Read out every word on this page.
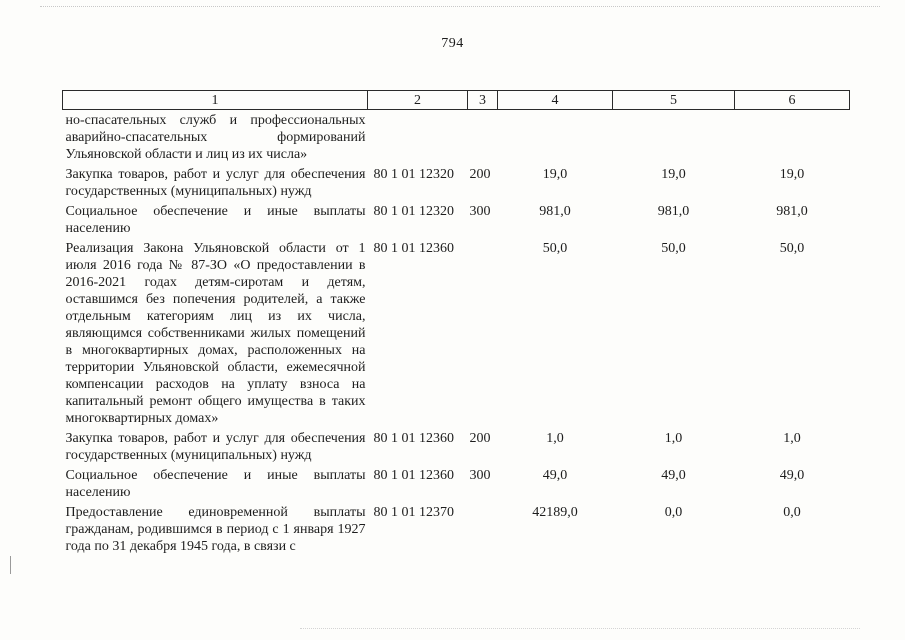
794
1	2	3	4	5	6
но-спасательных служб и профессиональных аварийно-спасательных формирований Ульяновской области и лиц из их числа»					
Закупка товаров, работ и услуг для обеспечения государственных (муниципальных) нужд	80 1 01 12320	200	19,0	19,0	19,0
Социальное обеспечение и иные выплаты населению	80 1 01 12320	300	981,0	981,0	981,0
Реализация Закона Ульяновской области от 1 июля 2016 года № 87-ЗО «О предоставлении в 2016-2021 годах детям-сиротам и детям, оставшимся без попечения родителей, а также отдельным категориям лиц из их числа, являющимся собственниками жилых помещений в многоквартирных домах, расположенных на территории Ульяновской области, ежемесячной компенсации расходов на уплату взноса на капитальный ремонт общего имущества в таких многоквартирных домах»	80 1 01 12360		50,0	50,0	50,0
Закупка товаров, работ и услуг для обеспечения государственных (муниципальных) нужд	80 1 01 12360	200	1,0	1,0	1,0
Социальное обеспечение и иные выплаты населению	80 1 01 12360	300	49,0	49,0	49,0
Предоставление единовременной выплаты гражданам, родившимся в период с 1 января 1927 года по 31 декабря 1945 года, в связи с	80 1 01 12370		42189,0	0,0	0,0
